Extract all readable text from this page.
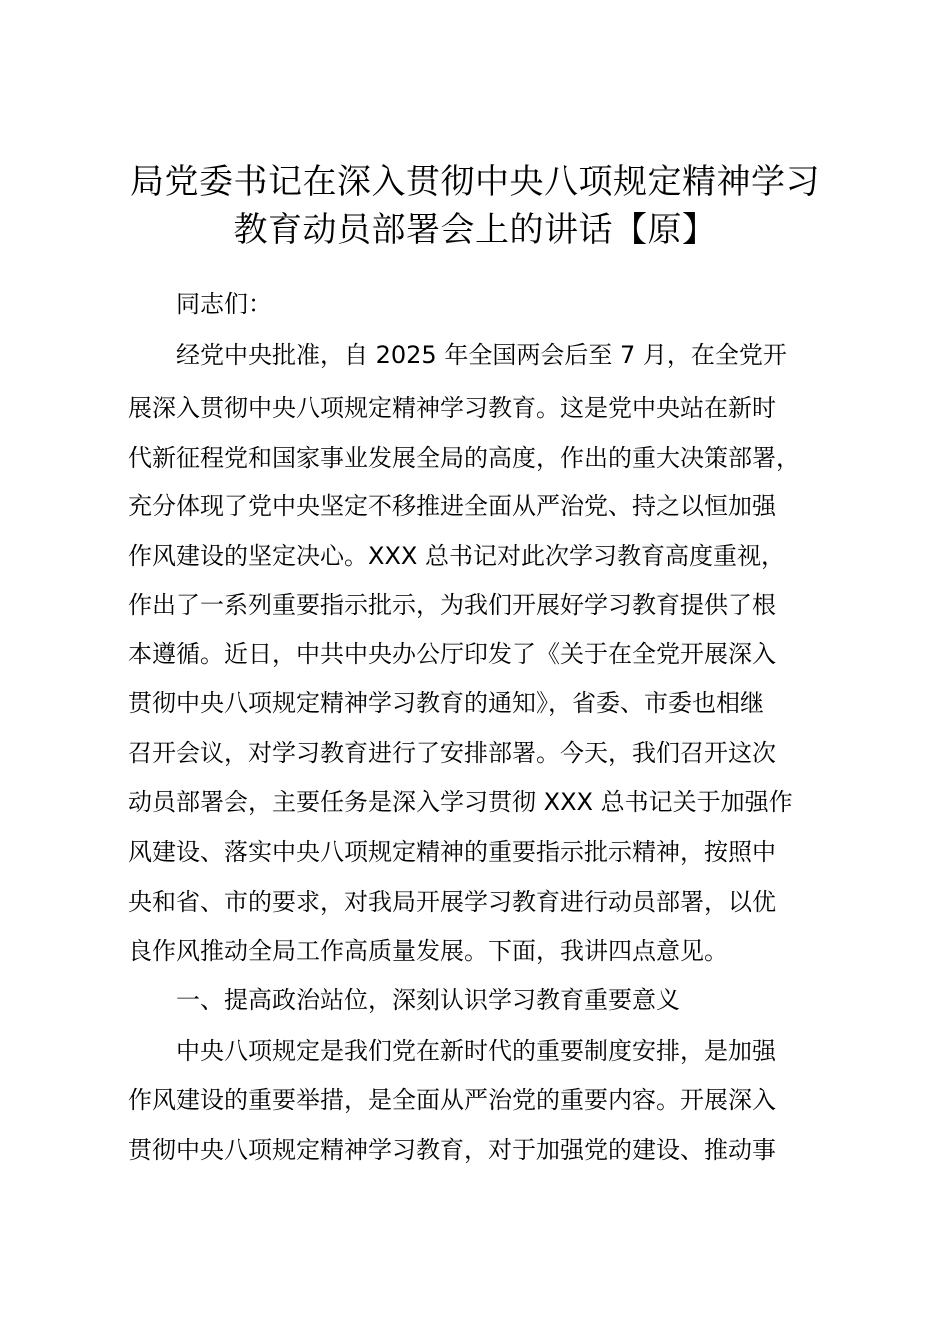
局党委书记在深入贯彻中央八项规定精神学习
教育动员部署会上的讲话【原】
同志们：
经党中央批准，自 2025 年全国两会后至 7 月，在全党开
展深入贯彻中央八项规定精神学习教育。这是党中央站在新时
代新征程党和国家事业发展全局的高度，作出的重大决策部署，
充分体现了党中央坚定不移推进全面从严治党、持之以恒加强
作风建设的坚定决心。XXX 总书记对此次学习教育高度重视，
作出了一系列重要指示批示，为我们开展好学习教育提供了根
本遵循。近日，中共中央办公厅印发了《关于在全党开展深入
贯彻中央八项规定精神学习教育的通知》，省委、市委也相继
召开会议，对学习教育进行了安排部署。今天，我们召开这次
动员部署会，主要任务是深入学习贯彻 XXX 总书记关于加强作
风建设、落实中央八项规定精神的重要指示批示精神，按照中
央和省、市的要求，对我局开展学习教育进行动员部署，以优
良作风推动全局工作高质量发展。下面，我讲四点意见。
一、提高政治站位，深刻认识学习教育重要意义
中央八项规定是我们党在新时代的重要制度安排，是加强
作风建设的重要举措，是全面从严治党的重要内容。开展深入
贯彻中央八项规定精神学习教育，对于加强党的建设、推动事
